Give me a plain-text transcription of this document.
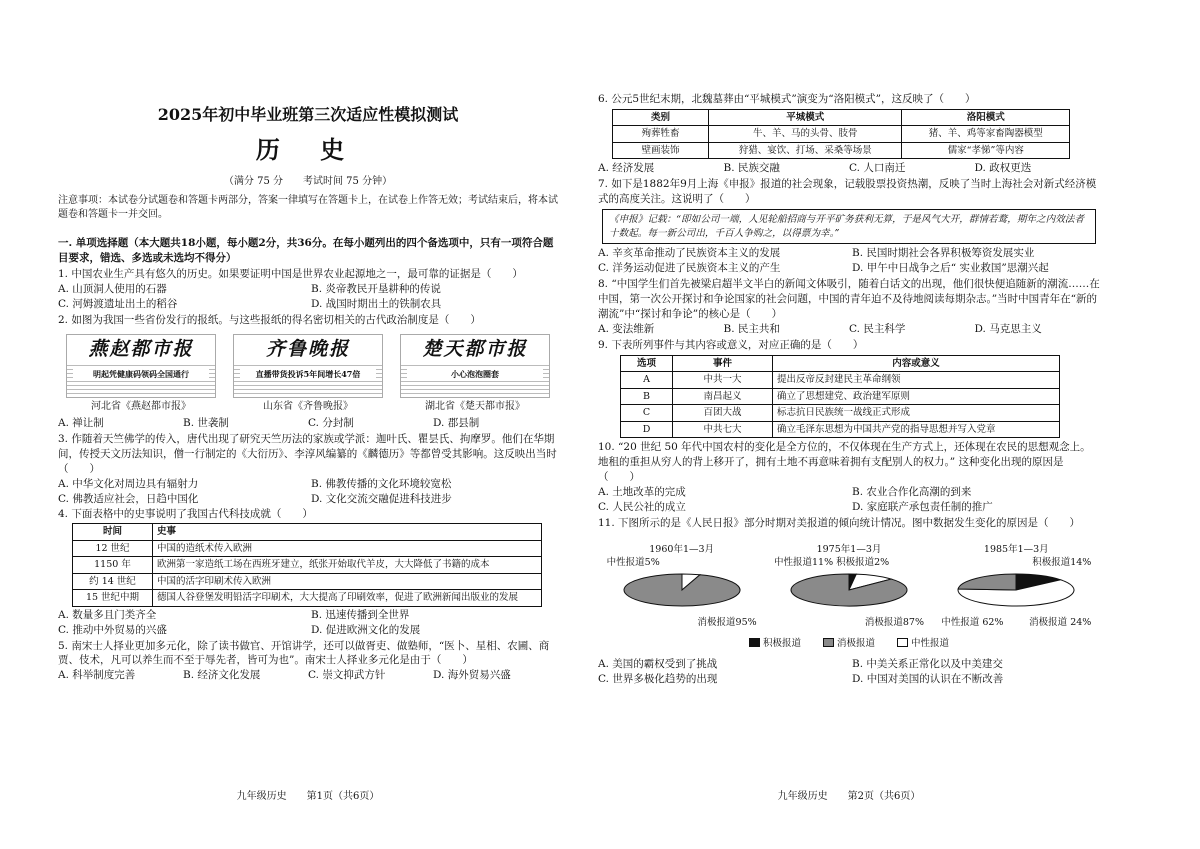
2025年初中毕业班第三次适应性模拟测试
历 史
（满分 75 分　　考试时间 75 分钟）
注意事项：本试卷分试题卷和答题卡两部分，答案一律填写在答题卡上，在试卷上作答无效；考试结束后，将本试题卷和答题卡一并交回。
一. 单项选择题（本大题共18小题，每小题2分，共36分。在每小题列出的四个备选项中，只有一项符合题目要求，错选、多选或未选均不得分）
1. 中国农业生产具有悠久的历史。如果要证明中国是世界农业起源地之一，最可靠的证据是（　　）
A. 山顶洞人使用的石器	B. 炎帝教民开垦耕种的传说
C. 河姆渡遗址出土的稻谷	D. 战国时期出土的铁制农具
2. 如图为我国一些省份发行的报纸。与这些报纸的得名密切相关的古代政治制度是（　　）
燕赵都市报
明起凭健康码领码全国通行
河北省《燕赵都市报》
齐鲁晚报
直播带货投诉5年间增长47倍
山东省《齐鲁晚报》
楚天都市报
小心泡泡圈套
湖北省《楚天都市报》
A. 禅让制	B. 世袭制	C. 分封制	D. 郡县制
3. 作随着天竺佛学的传入，唐代出现了研究天竺历法的家族或学派：迦叶氏、瞿昙氏、拘摩罗。他们在华期间，传授天文历法知识，僧一行制定的《大衍历》、李淳风编纂的《麟德历》等都曾受其影响。这反映出当时（　　）
A. 中华文化对周边具有辐射力	B. 佛教传播的文化环境较宽松
C. 佛教适应社会，日趋中国化	D. 文化交流交融促进科技进步
4. 下面表格中的史事说明了我国古代科技成就（　　）
时间	史事
12 世纪	中国的造纸术传入欧洲
1150 年	欧洲第一家造纸工场在西班牙建立，纸张开始取代羊皮，大大降低了书籍的成本
约 14 世纪	中国的活字印刷术传入欧洲
15 世纪中期	德国人谷登堡发明铅活字印刷术，大大提高了印刷效率，促进了欧洲新闻出版业的发展
A. 数量多且门类齐全	B. 迅速传播到全世界
C. 推动中外贸易的兴盛	D. 促进欧洲文化的发展
5. 南宋士人择业更加多元化，除了读书做官、开馆讲学，还可以做胥吏、做塾师，“医卜、星相、农圃、商贾、伎术，凡可以养生而不至于辱先者，皆可为也”。南宋士人择业多元化是由于（　　）
A. 科举制度完善	B. 经济文化发展	C. 崇文抑武方针	D. 海外贸易兴盛
九年级历史　　第1页（共6页）
6. 公元5世纪末期，北魏墓葬由“平城模式”演变为“洛阳模式”，这反映了（　　）
类别	平城模式	洛阳模式
殉葬牲畜	牛、羊、马的头骨、肢骨	猪、羊、鸡等家畜陶器模型
壁画装饰	狩猎、宴饮、打场、采桑等场景	儒家“孝悌”等内容
A. 经济发展	B. 民族交融	C. 人口南迁	D. 政权更迭
7. 如下是1882年9月上海《申报》报道的社会现象，记载股票投资热潮，反映了当时上海社会对新式经济模式的高度关注。这说明了（　　）
《申报》记载：“即如公司一端，人见轮船招商与开平矿务获利无算，于是风气大开，群情若鹜，期年之内效法者十数起。每一新公司出，千百人争购之，以得票为幸。”
A. 辛亥革命推动了民族资本主义的发展	B. 民国时期社会各界积极筹资发展实业
C. 洋务运动促进了民族资本主义的产生	D. 甲午中日战争之后“ 实业救国”思潮兴起
8. “中国学生们首先被梁启超半文半白的新闻文体吸引，随着白话文的出现，他们很快便追随新的潮流……在中国，第一次公开探讨和争论国家的社会问题，中国的青年迫不及待地阅读每期杂志。”当时中国青年在“新的潮流”中“探讨和争论”的核心是（　　）
A. 变法维新	B. 民主共和	C. 民主科学	D. 马克思主义
9. 下表所列事件与其内容或意义，对应正确的是（　　）
选项	事件	内容或意义
A	中共一大	提出反帝反封建民主革命纲领
B	南昌起义	确立了思想建党、政治建军原则
C	百团大战	标志抗日民族统一战线正式形成
D	中共七大	确立毛泽东思想为中国共产党的指导思想并写入党章
10. “20 世纪 50 年代中国农村的变化是全方位的，不仅体现在生产方式上，还体现在农民的思想观念上。地租的重担从穷人的背上移开了，拥有土地不再意味着拥有支配别人的权力。” 这种变化出现的原因是（　　）
A. 土地改革的完成	B. 农业合作化高潮的到来
C. 人民公社的成立	D. 家庭联产承包责任制的推广
11. 下图所示的是《人民日报》部分时期对美报道的倾向统计情况。图中数据发生变化的原因是（　　）
1960年1—3月
中性报道5%
消极报道95%
1975年1—3月
中性报道11% 积极报道2%
消极报道87%
1985年1—3月
积极报道14%
中性报道 62%	消极报道 24%
积极报道	消极报道	中性报道
A. 美国的霸权受到了挑战	B. 中美关系正常化以及中美建交
C. 世界多极化趋势的出现	D. 中国对美国的认识在不断改善
九年级历史　　第2页（共6页）
